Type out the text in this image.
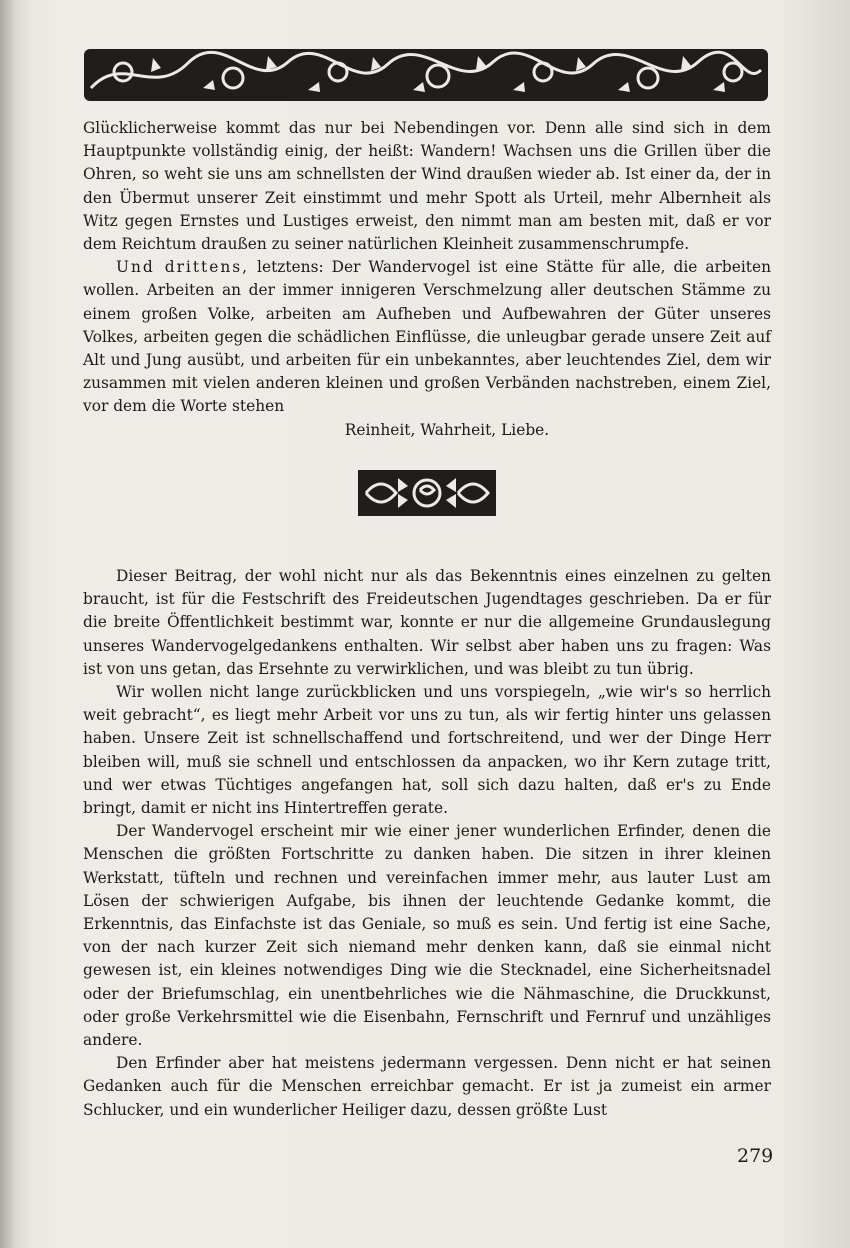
Glücklicherweise kommt das nur bei Nebendingen vor. Denn alle sind sich in dem Hauptpunkte vollständig einig, der heißt: Wandern! Wachsen uns die Grillen über die Ohren, so weht sie uns am schnellsten der Wind draußen wieder ab. Ist einer da, der in den Übermut unserer Zeit einstimmt und mehr Spott als Urteil, mehr Albernheit als Witz gegen Ernstes und Lustiges erweist, den nimmt man am besten mit, daß er vor dem Reichtum draußen zu seiner natürlichen Kleinheit zusammenschrumpfe.

Und drittens, letztens: Der Wandervogel ist eine Stätte für alle, die arbeiten wollen. Arbeiten an der immer innigeren Verschmelzung aller deutschen Stämme zu einem großen Volke, arbeiten am Aufheben und Aufbewahren der Güter unseres Volkes, arbeiten gegen die schädlichen Einflüsse, die unleugbar gerade unsere Zeit auf Alt und Jung ausübt, und arbeiten für ein unbekanntes, aber leuchtendes Ziel, dem wir zusammen mit vielen anderen kleinen und großen Verbänden nachstreben, einem Ziel, vor dem die Worte stehen

Reinheit, Wahrheit, Liebe.

Dieser Beitrag, der wohl nicht nur als das Bekenntnis eines einzelnen zu gelten braucht, ist für die Festschrift des Freideutschen Jugendtages geschrieben. Da er für die breite Öffentlichkeit bestimmt war, konnte er nur die allgemeine Grundauslegung unseres Wandervogelgedankens enthalten. Wir selbst aber haben uns zu fragen: Was ist von uns getan, das Ersehnte zu verwirklichen, und was bleibt zu tun übrig.

Wir wollen nicht lange zurückblicken und uns vorspiegeln, „wie wir's so herrlich weit gebracht“, es liegt mehr Arbeit vor uns zu tun, als wir fertig hinter uns gelassen haben. Unsere Zeit ist schnellschaffend und fortschreitend, und wer der Dinge Herr bleiben will, muß sie schnell und entschlossen da anpacken, wo ihr Kern zutage tritt, und wer etwas Tüchtiges angefangen hat, soll sich dazu halten, daß er's zu Ende bringt, damit er nicht ins Hintertreffen gerate.

Der Wandervogel erscheint mir wie einer jener wunderlichen Erfinder, denen die Menschen die größten Fortschritte zu danken haben. Die sitzen in ihrer kleinen Werkstatt, tüfteln und rechnen und vereinfachen immer mehr, aus lauter Lust am Lösen der schwierigen Aufgabe, bis ihnen der leuchtende Gedanke kommt, die Erkenntnis, das Einfachste ist das Geniale, so muß es sein. Und fertig ist eine Sache, von der nach kurzer Zeit sich niemand mehr denken kann, daß sie einmal nicht gewesen ist, ein kleines notwendiges Ding wie die Stecknadel, eine Sicherheitsnadel oder der Briefumschlag, ein unentbehrliches wie die Nähmaschine, die Druckkunst, oder große Verkehrsmittel wie die Eisenbahn, Fernschrift und Fernruf und unzähliges andere.

Den Erfinder aber hat meistens jedermann vergessen. Denn nicht er hat seinen Gedanken auch für die Menschen erreichbar gemacht. Er ist ja zumeist ein armer Schlucker, und ein wunderlicher Heiliger dazu, dessen größte Lust

279
